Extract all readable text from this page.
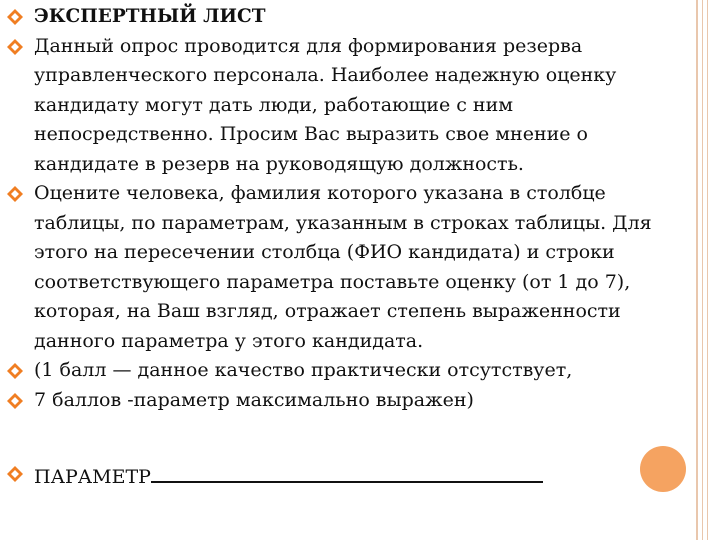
ЭКСПЕРТНЫЙ ЛИСТ
Данный опрос проводится для формирования резерва управленческого персонала. Наиболее надежную оценку кандидату могут дать люди, работающие с ним непосредственно. Просим Вас выразить свое мнение о кандидате в резерв на руководящую должность.
Оцените человека, фамилия которого указана в столбце таблицы, по параметрам, указанным в строках таблицы. Для этого на пересечении столбца (ФИО кандидата) и строки соответствующего параметра поставьте оценку (от 1 до 7), которая, на Ваш взгляд, отражает степень выраженности данного параметра у этого кандидата.
(1 балл — данное качество практически отсутствует,
7 баллов -параметр максимально выражен)
ПАРАМЕТР
